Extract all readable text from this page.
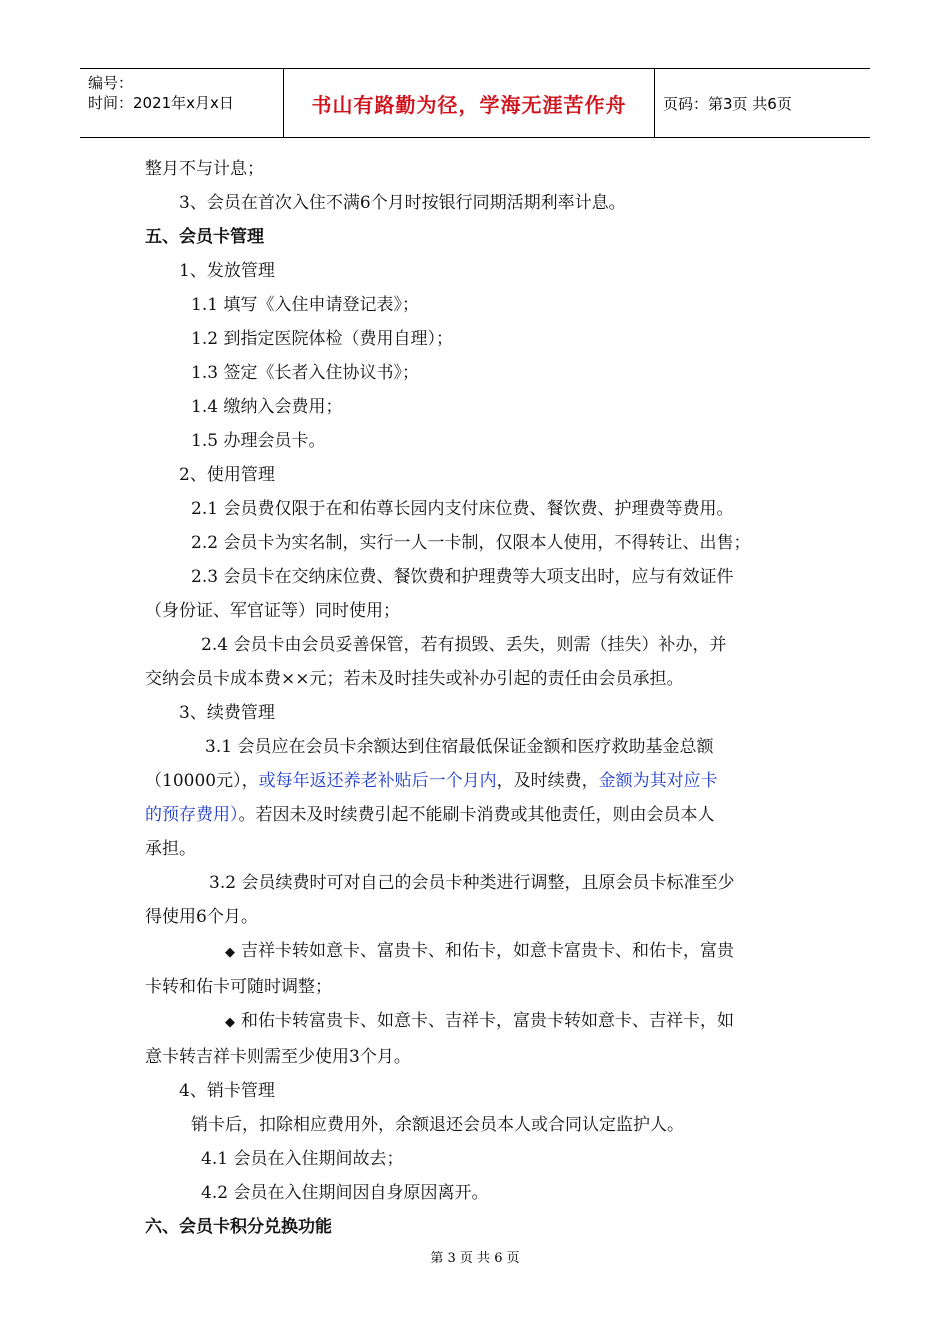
编号：
时间：2021年x月x日	书山有路勤为径，学海无涯苦作舟	页码：第3页 共6页
整月不与计息；
3、会员在首次入住不满6个月时按银行同期活期利率计息。
五、会员卡管理
1、发放管理
1.1 填写《入住申请登记表》；
1.2 到指定医院体检（费用自理）；
1.3 签定《长者入住协议书》；
1.4 缴纳入会费用；
1.5 办理会员卡。
2、使用管理
2.1 会员费仅限于在和佑尊长园内支付床位费、餐饮费、护理费等费用。
2.2 会员卡为实名制，实行一人一卡制，仅限本人使用，不得转让、出售；
2.3 会员卡在交纳床位费、餐饮费和护理费等大项支出时，应与有效证件
（身份证、军官证等）同时使用；
2.4 会员卡由会员妥善保管，若有损毁、丢失，则需（挂失）补办，并
交纳会员卡成本费××元；若未及时挂失或补办引起的责任由会员承担。
3、续费管理
3.1 会员应在会员卡余额达到住宿最低保证金额和医疗救助基金总额
（10000元），或每年返还养老补贴后一个月内，及时续费，金额为其对应卡
的预存费用）。若因未及时续费引起不能刷卡消费或其他责任，则由会员本人
承担。
3.2 会员续费时可对自己的会员卡种类进行调整，且原会员卡标准至少
得使用6个月。
◆ 吉祥卡转如意卡、富贵卡、和佑卡，如意卡富贵卡、和佑卡，富贵
卡转和佑卡可随时调整；
◆ 和佑卡转富贵卡、如意卡、吉祥卡，富贵卡转如意卡、吉祥卡，如
意卡转吉祥卡则需至少使用3个月。
4、销卡管理
销卡后，扣除相应费用外，余额退还会员本人或合同认定监护人。
4.1 会员在入住期间故去；
4.2 会员在入住期间因自身原因离开。
六、会员卡积分兑换功能
第 3 页 共 6 页
